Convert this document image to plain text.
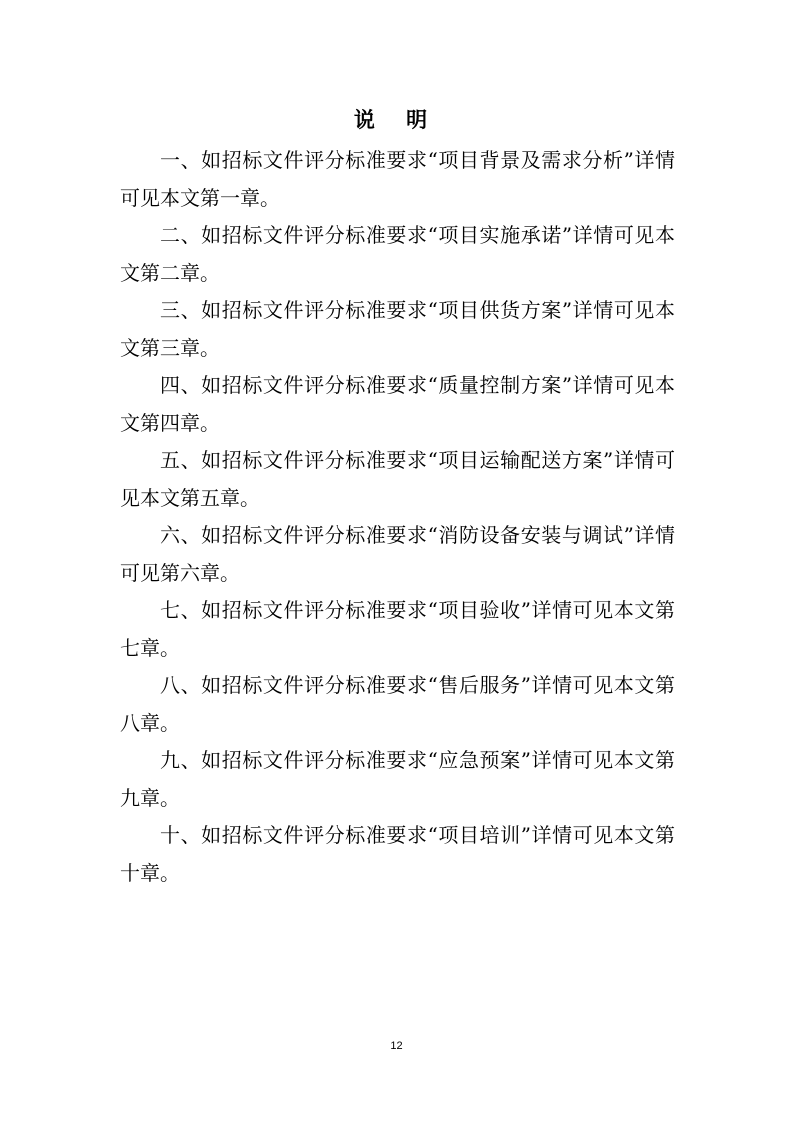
说 明

一、如招标文件评分标准要求“项目背景及需求分析”详情可见本文第一章。

二、如招标文件评分标准要求“项目实施承诺”详情可见本文第二章。

三、如招标文件评分标准要求“项目供货方案”详情可见本文第三章。

四、如招标文件评分标准要求“质量控制方案”详情可见本文第四章。

五、如招标文件评分标准要求“项目运输配送方案”详情可见本文第五章。

六、如招标文件评分标准要求“消防设备安装与调试”详情可见第六章。

七、如招标文件评分标准要求“项目验收”详情可见本文第七章。

八、如招标文件评分标准要求“售后服务”详情可见本文第八章。

九、如招标文件评分标准要求“应急预案”详情可见本文第九章。

十、如招标文件评分标准要求“项目培训”详情可见本文第十章。

12
